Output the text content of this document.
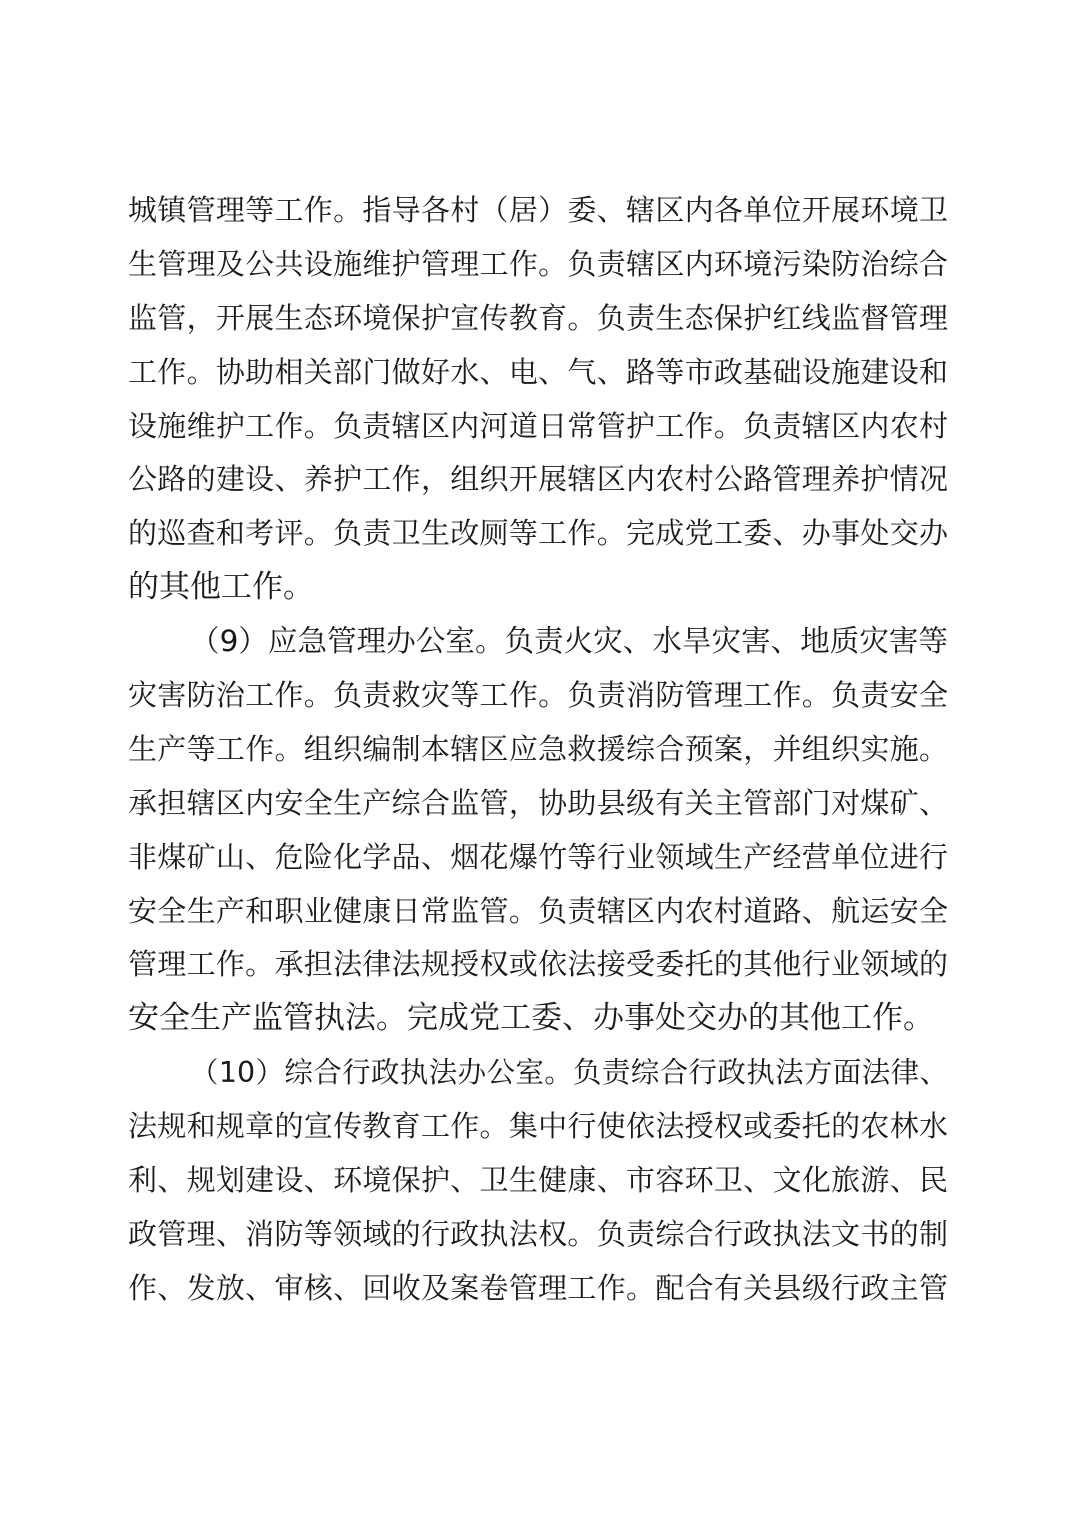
城镇管理等工作。指导各村（居）委、辖区内各单位开展环境卫
生管理及公共设施维护管理工作。负责辖区内环境污染防治综合
监管，开展生态环境保护宣传教育。负责生态保护红线监督管理
工作。协助相关部门做好水、电、气、路等市政基础设施建设和
设施维护工作。负责辖区内河道日常管护工作。负责辖区内农村
公路的建设、养护工作，组织开展辖区内农村公路管理养护情况
的巡查和考评。负责卫生改厕等工作。完成党工委、办事处交办
的其他工作。
（9）应急管理办公室。负责火灾、水旱灾害、地质灾害等
灾害防治工作。负责救灾等工作。负责消防管理工作。负责安全
生产等工作。组织编制本辖区应急救援综合预案，并组织实施。
承担辖区内安全生产综合监管，协助县级有关主管部门对煤矿、
非煤矿山、危险化学品、烟花爆竹等行业领域生产经营单位进行
安全生产和职业健康日常监管。负责辖区内农村道路、航运安全
管理工作。承担法律法规授权或依法接受委托的其他行业领域的
安全生产监管执法。完成党工委、办事处交办的其他工作。
（10）综合行政执法办公室。负责综合行政执法方面法律、
法规和规章的宣传教育工作。集中行使依法授权或委托的农林水
利、规划建设、环境保护、卫生健康、市容环卫、文化旅游、民
政管理、消防等领域的行政执法权。负责综合行政执法文书的制
作、发放、审核、回收及案卷管理工作。配合有关县级行政主管
